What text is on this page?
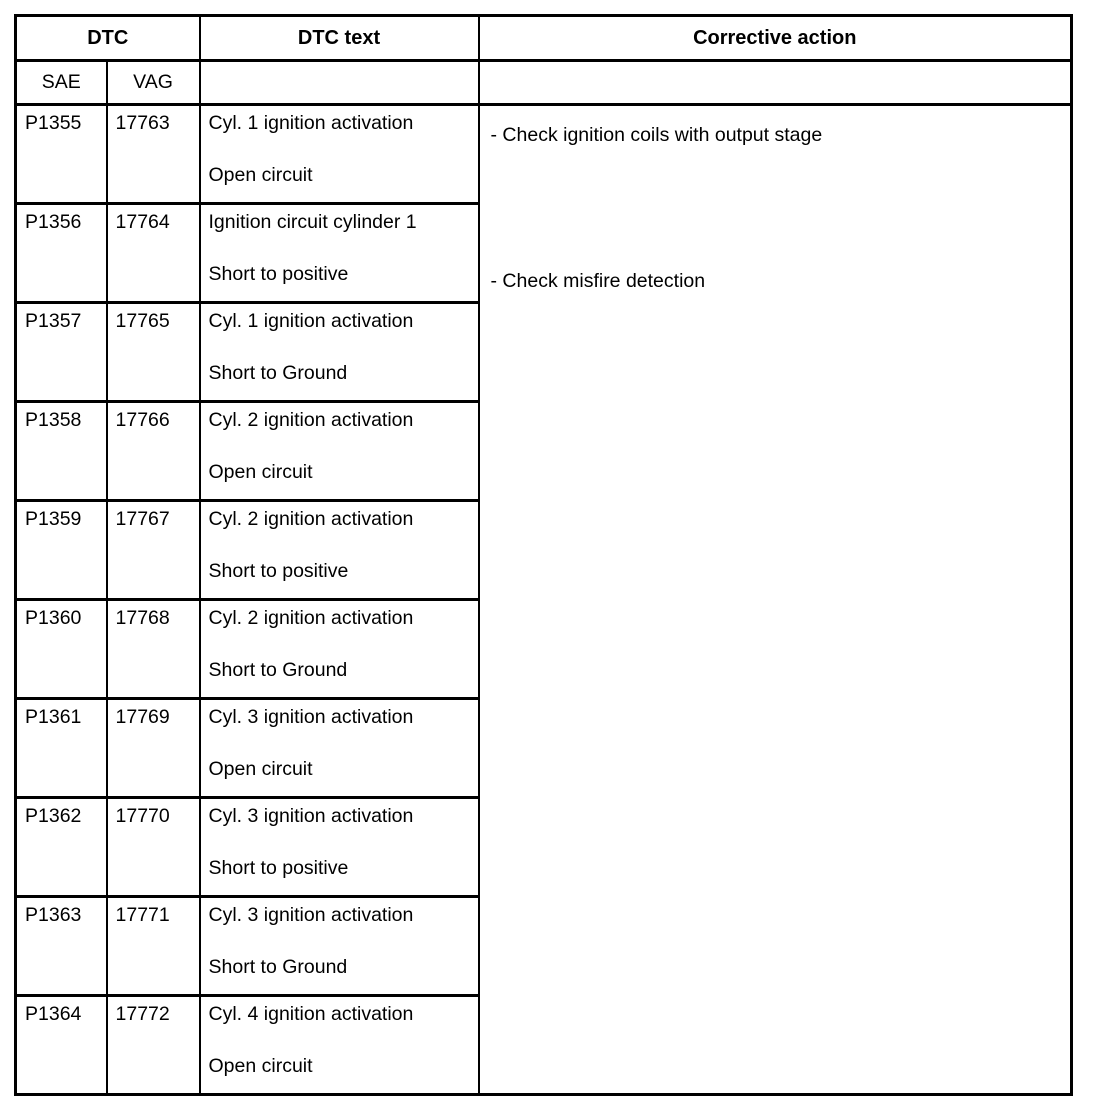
DTC		DTC text	Corrective action
SAE	VAG		
P1355	17763	Cyl. 1 ignition activation
Open circuit

- Check ignition coils with output stage
- Check misfire detection

P1356	17764	Ignition circuit cylinder 1
Short to positive	

P1357	17765	Cyl. 1 ignition activation
Short to Ground	

P1358	17766	Cyl. 2 ignition activation
Open circuit	

P1359	17767	Cyl. 2 ignition activation
Short to positive	

P1360	17768	Cyl. 2 ignition activation
Short to Ground	

P1361	17769	Cyl. 3 ignition activation
Open circuit	

P1362	17770	Cyl. 3 ignition activation
Short to positive	

P1363	17771	Cyl. 3 ignition activation
Short to Ground	

P1364	17772	Cyl. 4 ignition activation
Open circuit	
